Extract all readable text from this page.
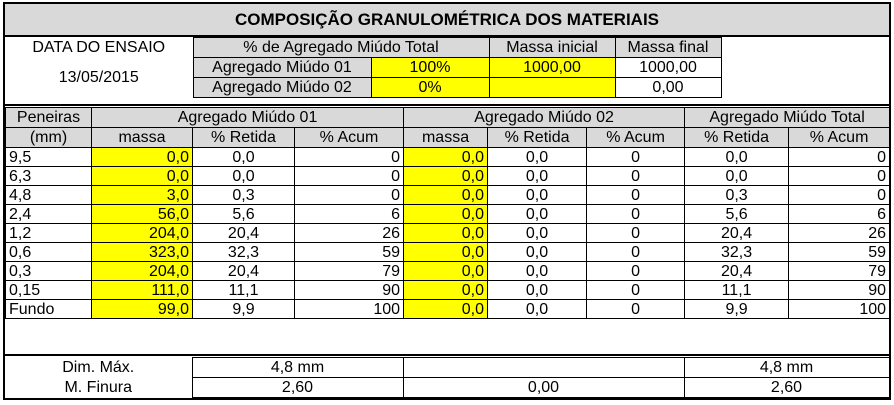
COMPOSIÇÃO GRANULOMÉTRICA DOS MATERIAIS
DATA DO ENSAIO	% de Agregado Miúdo Total		Massa inicial	Massa final	
13/05/2015	Agregado Miúdo 01	100%	1000,00	1000,00	
	Agregado Miúdo 02	0%		0,00	
Peneiras	Agregado Miúdo 01			Agregado Miúdo 02			Agregado Miúdo Total	
(mm)	massa	% Retida	% Acum	massa	% Retida	% Acum	% Retida	% Acum
9,5	0,0	0,0	0	0,0	0,0	0	0,0	0
6,3	0,0	0,0	0	0,0	0,0	0	0,0	0
4,8	3,0	0,3	0	0,0	0,0	0	0,3	0
2,4	56,0	5,6	6	0,0	0,0	0	5,6	6
1,2	204,0	20,4	26	0,0	0,0	0	20,4	26
0,6	323,0	32,3	59	0,0	0,0	0	32,3	59
0,3	204,0	20,4	79	0,0	0,0	0	20,4	79
0,15	111,0	11,1	90	0,0	0,0	0	11,1	90
Fundo	99,0	9,9	100	0,0	0,0	0	9,9	100
Dim. Máx.	4,8 mm		4,8 mm
M. Finura	2,60	0,00	2,60
